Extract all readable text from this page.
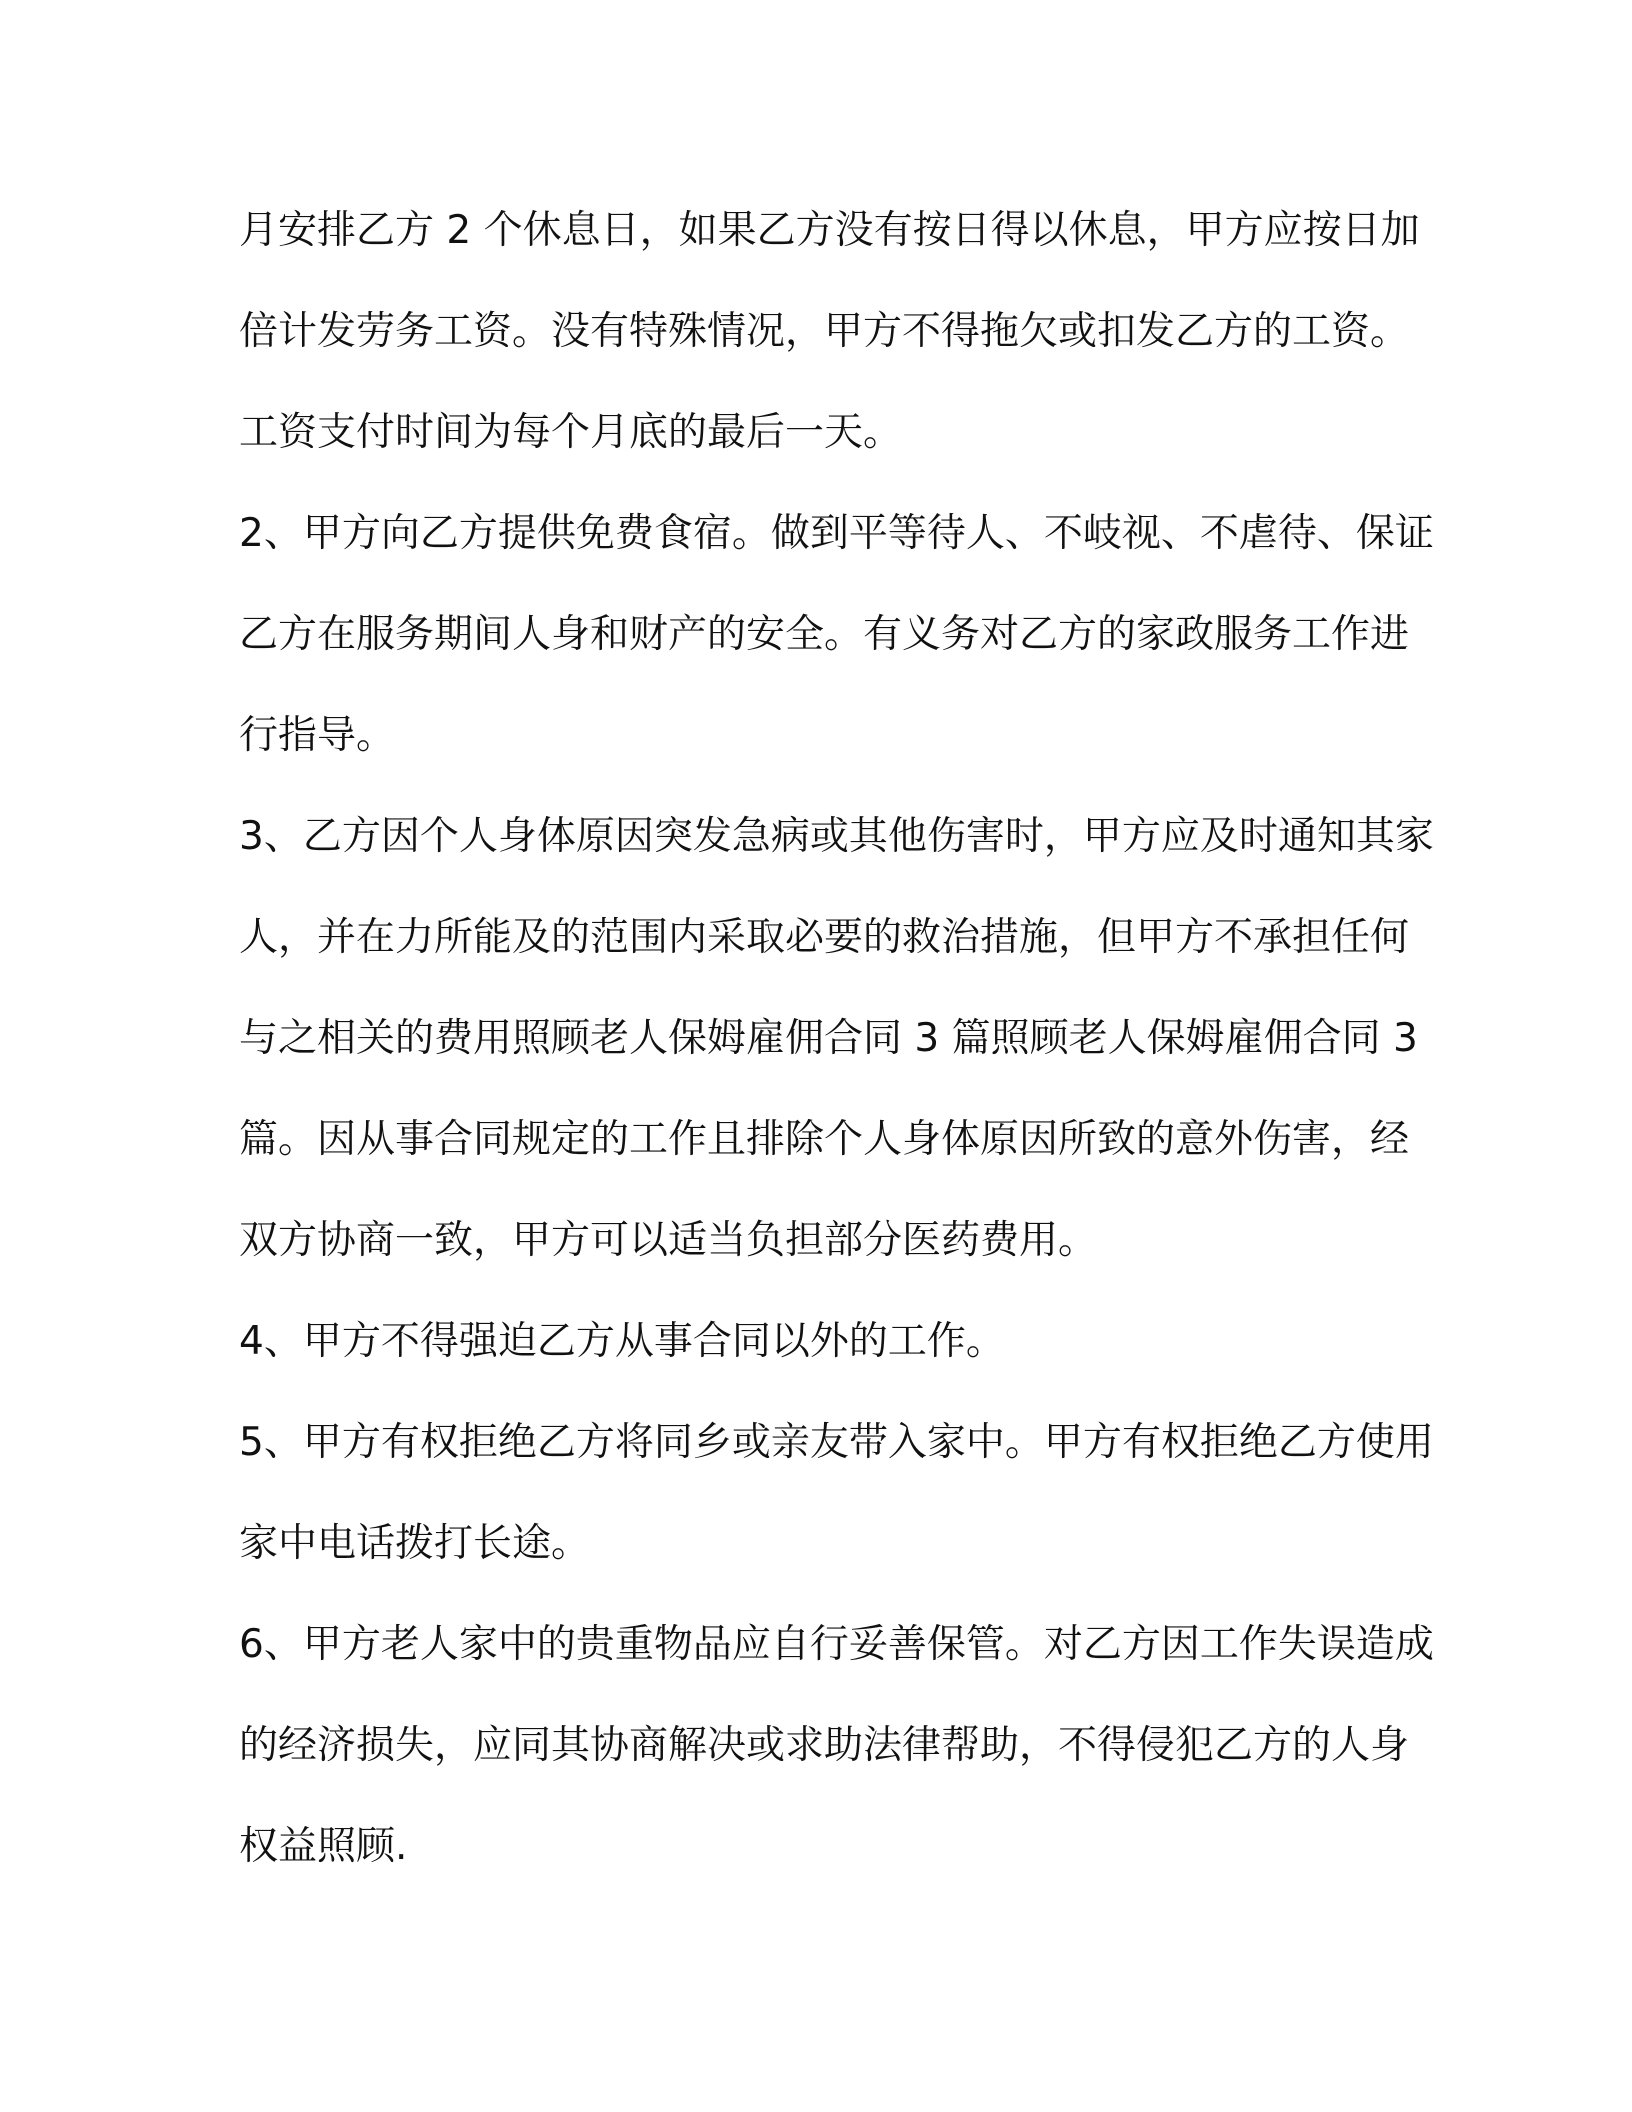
月安排乙方 2 个休息日，如果乙方没有按日得以休息，甲方应按日加
倍计发劳务工资。没有特殊情况，甲方不得拖欠或扣发乙方的工资。
工资支付时间为每个月底的最后一天。
2、甲方向乙方提供免费食宿。做到平等待人、不岐视、不虐待、保证
乙方在服务期间人身和财产的安全。有义务对乙方的家政服务工作进
行指导。
3、乙方因个人身体原因突发急病或其他伤害时，甲方应及时通知其家
人，并在力所能及的范围内采取必要的救治措施，但甲方不承担任何
与之相关的费用照顾老人保姆雇佣合同 3 篇照顾老人保姆雇佣合同 3
篇。因从事合同规定的工作且排除个人身体原因所致的意外伤害，经
双方协商一致，甲方可以适当负担部分医药费用。
4、甲方不得强迫乙方从事合同以外的工作。
5、甲方有权拒绝乙方将同乡或亲友带入家中。甲方有权拒绝乙方使用
家中电话拨打长途。
6、甲方老人家中的贵重物品应自行妥善保管。对乙方因工作失误造成
的经济损失，应同其协商解决或求助法律帮助，不得侵犯乙方的人身
权益照顾.
